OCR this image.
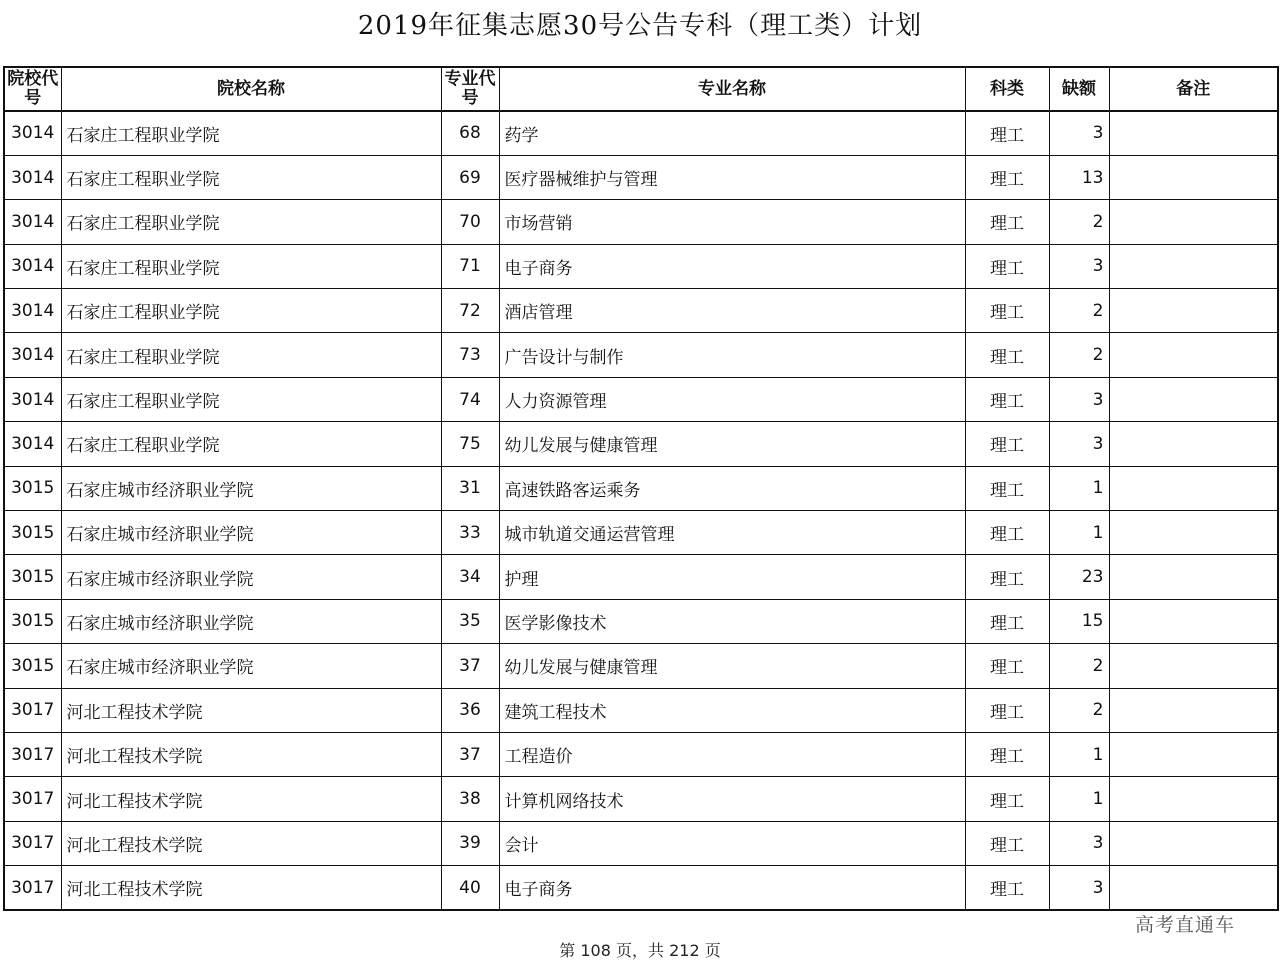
2019年征集志愿30号公告专科（理工类）计划
院校代号	院校名称	专业代号	专业名称	科类	缺额	备注
3014	石家庄工程职业学院	68	药学	理工	3	
3014	石家庄工程职业学院	69	医疗器械维护与管理	理工	13	
3014	石家庄工程职业学院	70	市场营销	理工	2	
3014	石家庄工程职业学院	71	电子商务	理工	3	
3014	石家庄工程职业学院	72	酒店管理	理工	2	
3014	石家庄工程职业学院	73	广告设计与制作	理工	2	
3014	石家庄工程职业学院	74	人力资源管理	理工	3	
3014	石家庄工程职业学院	75	幼儿发展与健康管理	理工	3	
3015	石家庄城市经济职业学院	31	高速铁路客运乘务	理工	1	
3015	石家庄城市经济职业学院	33	城市轨道交通运营管理	理工	1	
3015	石家庄城市经济职业学院	34	护理	理工	23	
3015	石家庄城市经济职业学院	35	医学影像技术	理工	15	
3015	石家庄城市经济职业学院	37	幼儿发展与健康管理	理工	2	
3017	河北工程技术学院	36	建筑工程技术	理工	2	
3017	河北工程技术学院	37	工程造价	理工	1	
3017	河北工程技术学院	38	计算机网络技术	理工	1	
3017	河北工程技术学院	39	会计	理工	3	
3017	河北工程技术学院	40	电子商务	理工	3	
高考直通车
第 108 页，共 212 页
